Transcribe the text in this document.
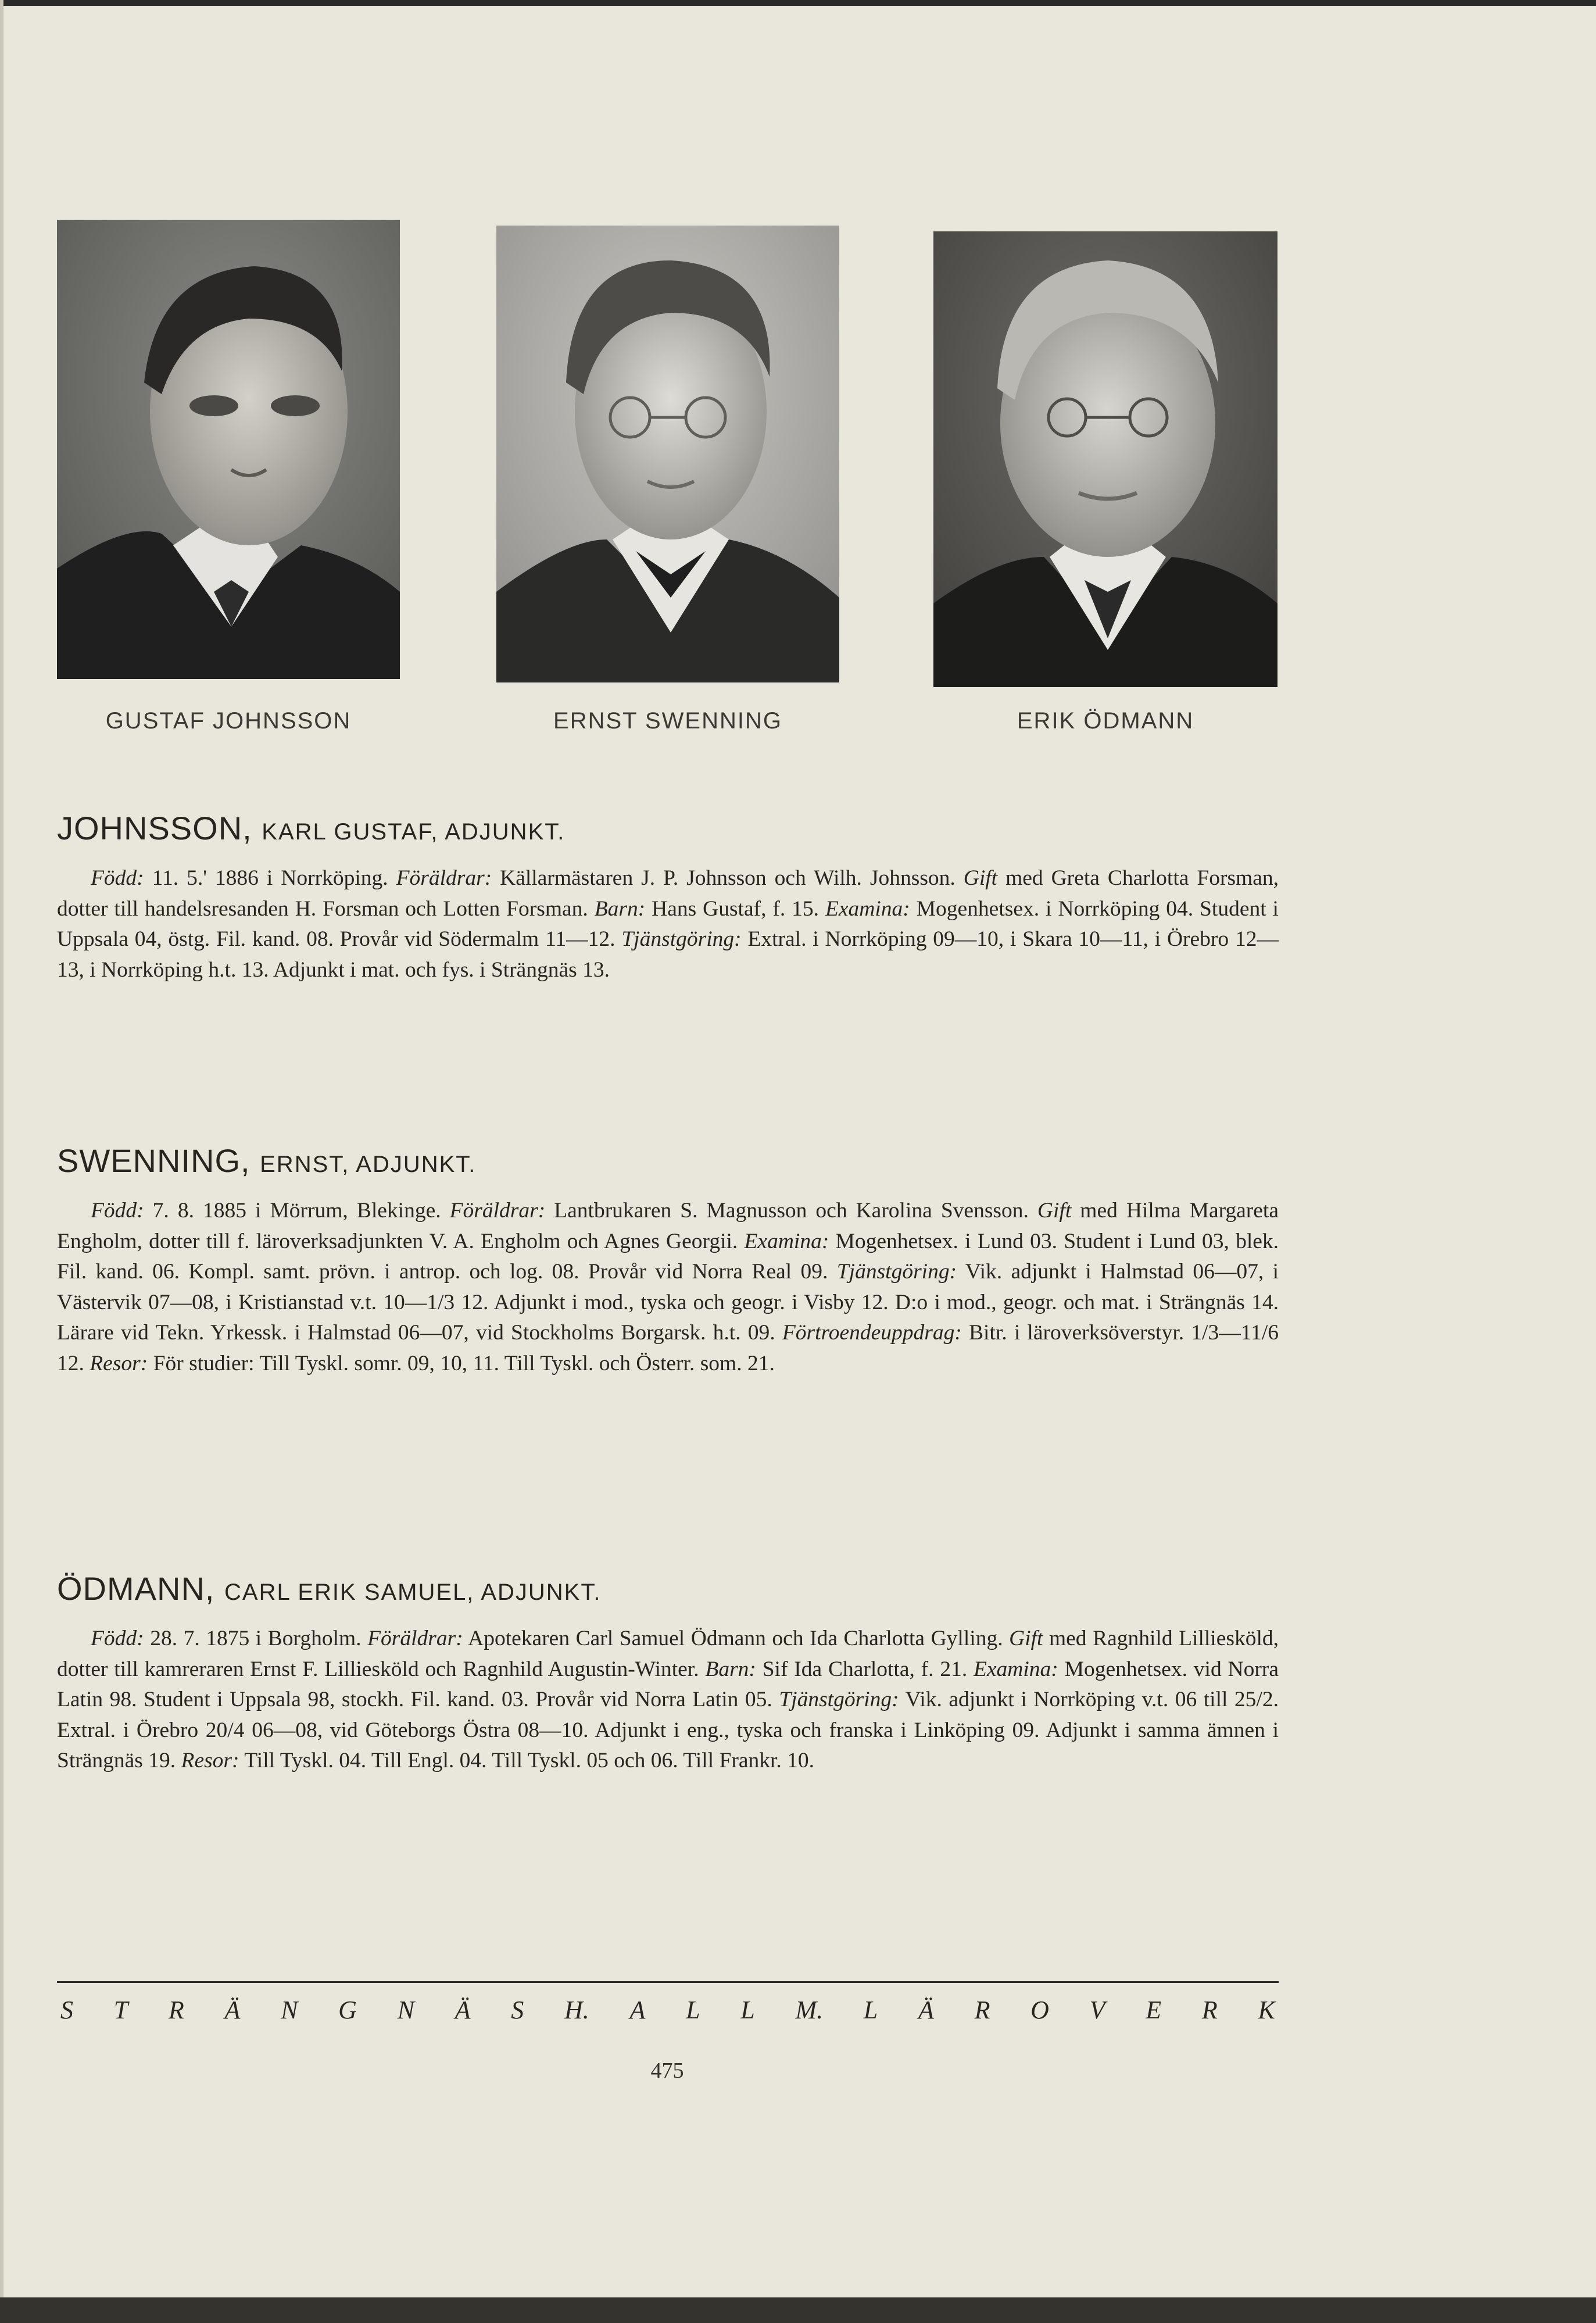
GUSTAF JOHNSSON	ERNST SWENNING	ERIK ÖDMANN
JOHNSSON, KARL GUSTAF, ADJUNKT.

Född: 11. 5.' 1886 i Norrköping. Föräldrar: Källarmästaren J. P. Johnsson och Wilh. Johnsson. Gift med Greta Charlotta Forsman, dotter till handelsresanden H. Forsman och Lotten Forsman. Barn: Hans Gustaf, f. 15. Examina: Mogenhetsex. i Norrköping 04. Student i Uppsala 04, östg. Fil. kand. 08. Provår vid Södermalm 11—12. Tjänstgöring: Extral. i Norrköping 09—10, i Skara 10—11, i Örebro 12—13, i Norrköping h.t. 13. Adjunkt i mat. och fys. i Strängnäs 13.

SWENNING, ERNST, ADJUNKT.

Född: 7. 8. 1885 i Mörrum, Blekinge. Föräldrar: Lantbrukaren S. Magnusson och Karolina Svensson. Gift med Hilma Margareta Engholm, dotter till f. läroverksadjunkten V. A. Engholm och Agnes Georgii. Examina: Mogenhetsex. i Lund 03. Student i Lund 03, blek. Fil. kand. 06. Kompl. samt. prövn. i antrop. och log. 08. Provår vid Norra Real 09. Tjänstgöring: Vik. adjunkt i Halmstad 06—07, i Västervik 07—08, i Kristianstad v.t. 10—1/3 12. Adjunkt i mod., tyska och geogr. i Visby 12. D:o i mod., geogr. och mat. i Strängnäs 14. Lärare vid Tekn. Yrkessk. i Halmstad 06—07, vid Stockholms Borgarsk. h.t. 09. Förtroendeuppdrag: Bitr. i läroverksöverstyr. 1/3—11/6 12. Resor: För studier: Till Tyskl. somr. 09, 10, 11. Till Tyskl. och Österr. som. 21.

ÖDMANN, CARL ERIK SAMUEL, ADJUNKT.

Född: 28. 7. 1875 i Borgholm. Föräldrar: Apotekaren Carl Samuel Ödmann och Ida Charlotta Gylling. Gift med Ragnhild Lilliesköld, dotter till kamreraren Ernst F. Lilliesköld och Ragnhild Augustin-Winter. Barn: Sif Ida Charlotta, f. 21. Examina: Mogenhetsex. vid Norra Latin 98. Student i Uppsala 98, stockh. Fil. kand. 03. Provår vid Norra Latin 05. Tjänstgöring: Vik. adjunkt i Norrköping v.t. 06 till 25/2. Extral. i Örebro 20/4 06—08, vid Göteborgs Östra 08—10. Adjunkt i eng., tyska och franska i Linköping 09. Adjunkt i samma ämnen i Strängnäs 19. Resor: Till Tyskl. 04. Till Engl. 04. Till Tyskl. 05 och 06. Till Frankr. 10.

S T R Ä N G N Ä S H. A L L M. L Ä R O V E R K
475
